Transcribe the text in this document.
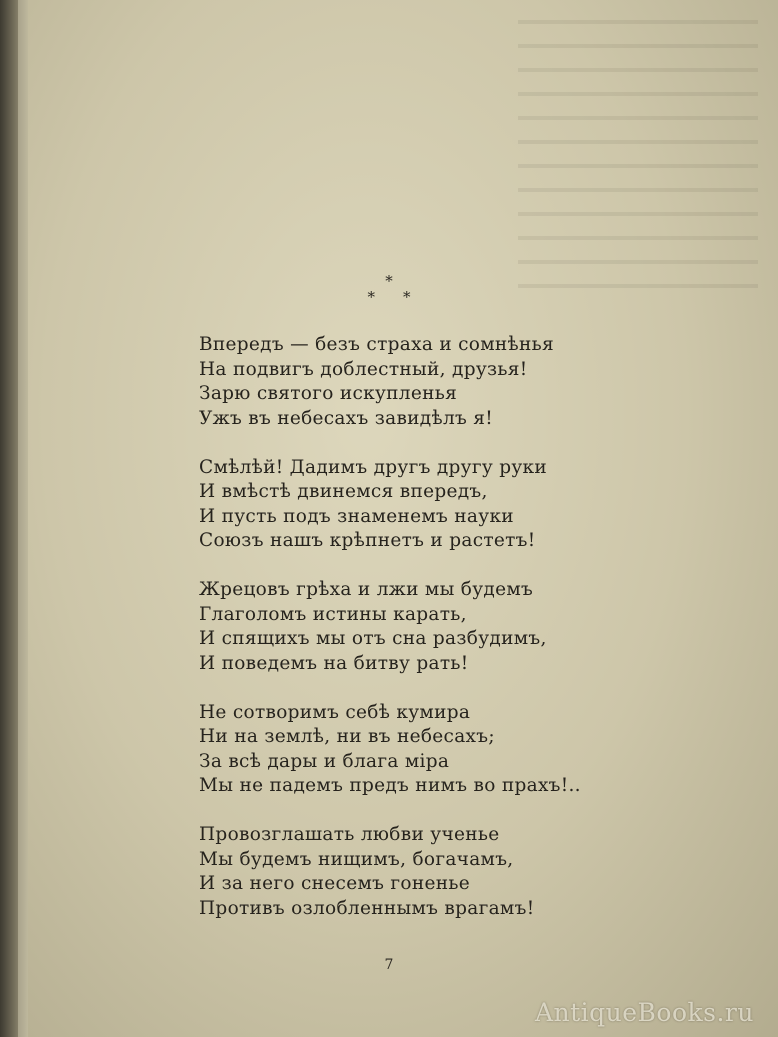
*
**
Впередъ — безъ страха и сомнѣнья
На подвигъ доблестный, друзья!
Зарю святого искупленья
Ужъ въ небесахъ завидѣлъ я!
Смѣлѣй! Дадимъ другъ другу руки
И вмѣстѣ двинемся впередъ,
И пусть подъ знаменемъ науки
Союзъ нашъ крѣпнетъ и растетъ!
Жрецовъ грѣха и лжи мы будемъ
Глаголомъ истины карать,
И спящихъ мы отъ сна разбудимъ,
И поведемъ на битву рать!
Не сотворимъ себѣ кумира
Ни на землѣ, ни въ небесахъ;
За всѣ дары и блага міра
Мы не падемъ предъ нимъ во прахъ!..
Провозглашать любви ученье
Мы будемъ нищимъ, богачамъ,
И за него снесемъ гоненье
Противъ озлобленнымъ врагамъ!
7
AntiqueBooks.ru
